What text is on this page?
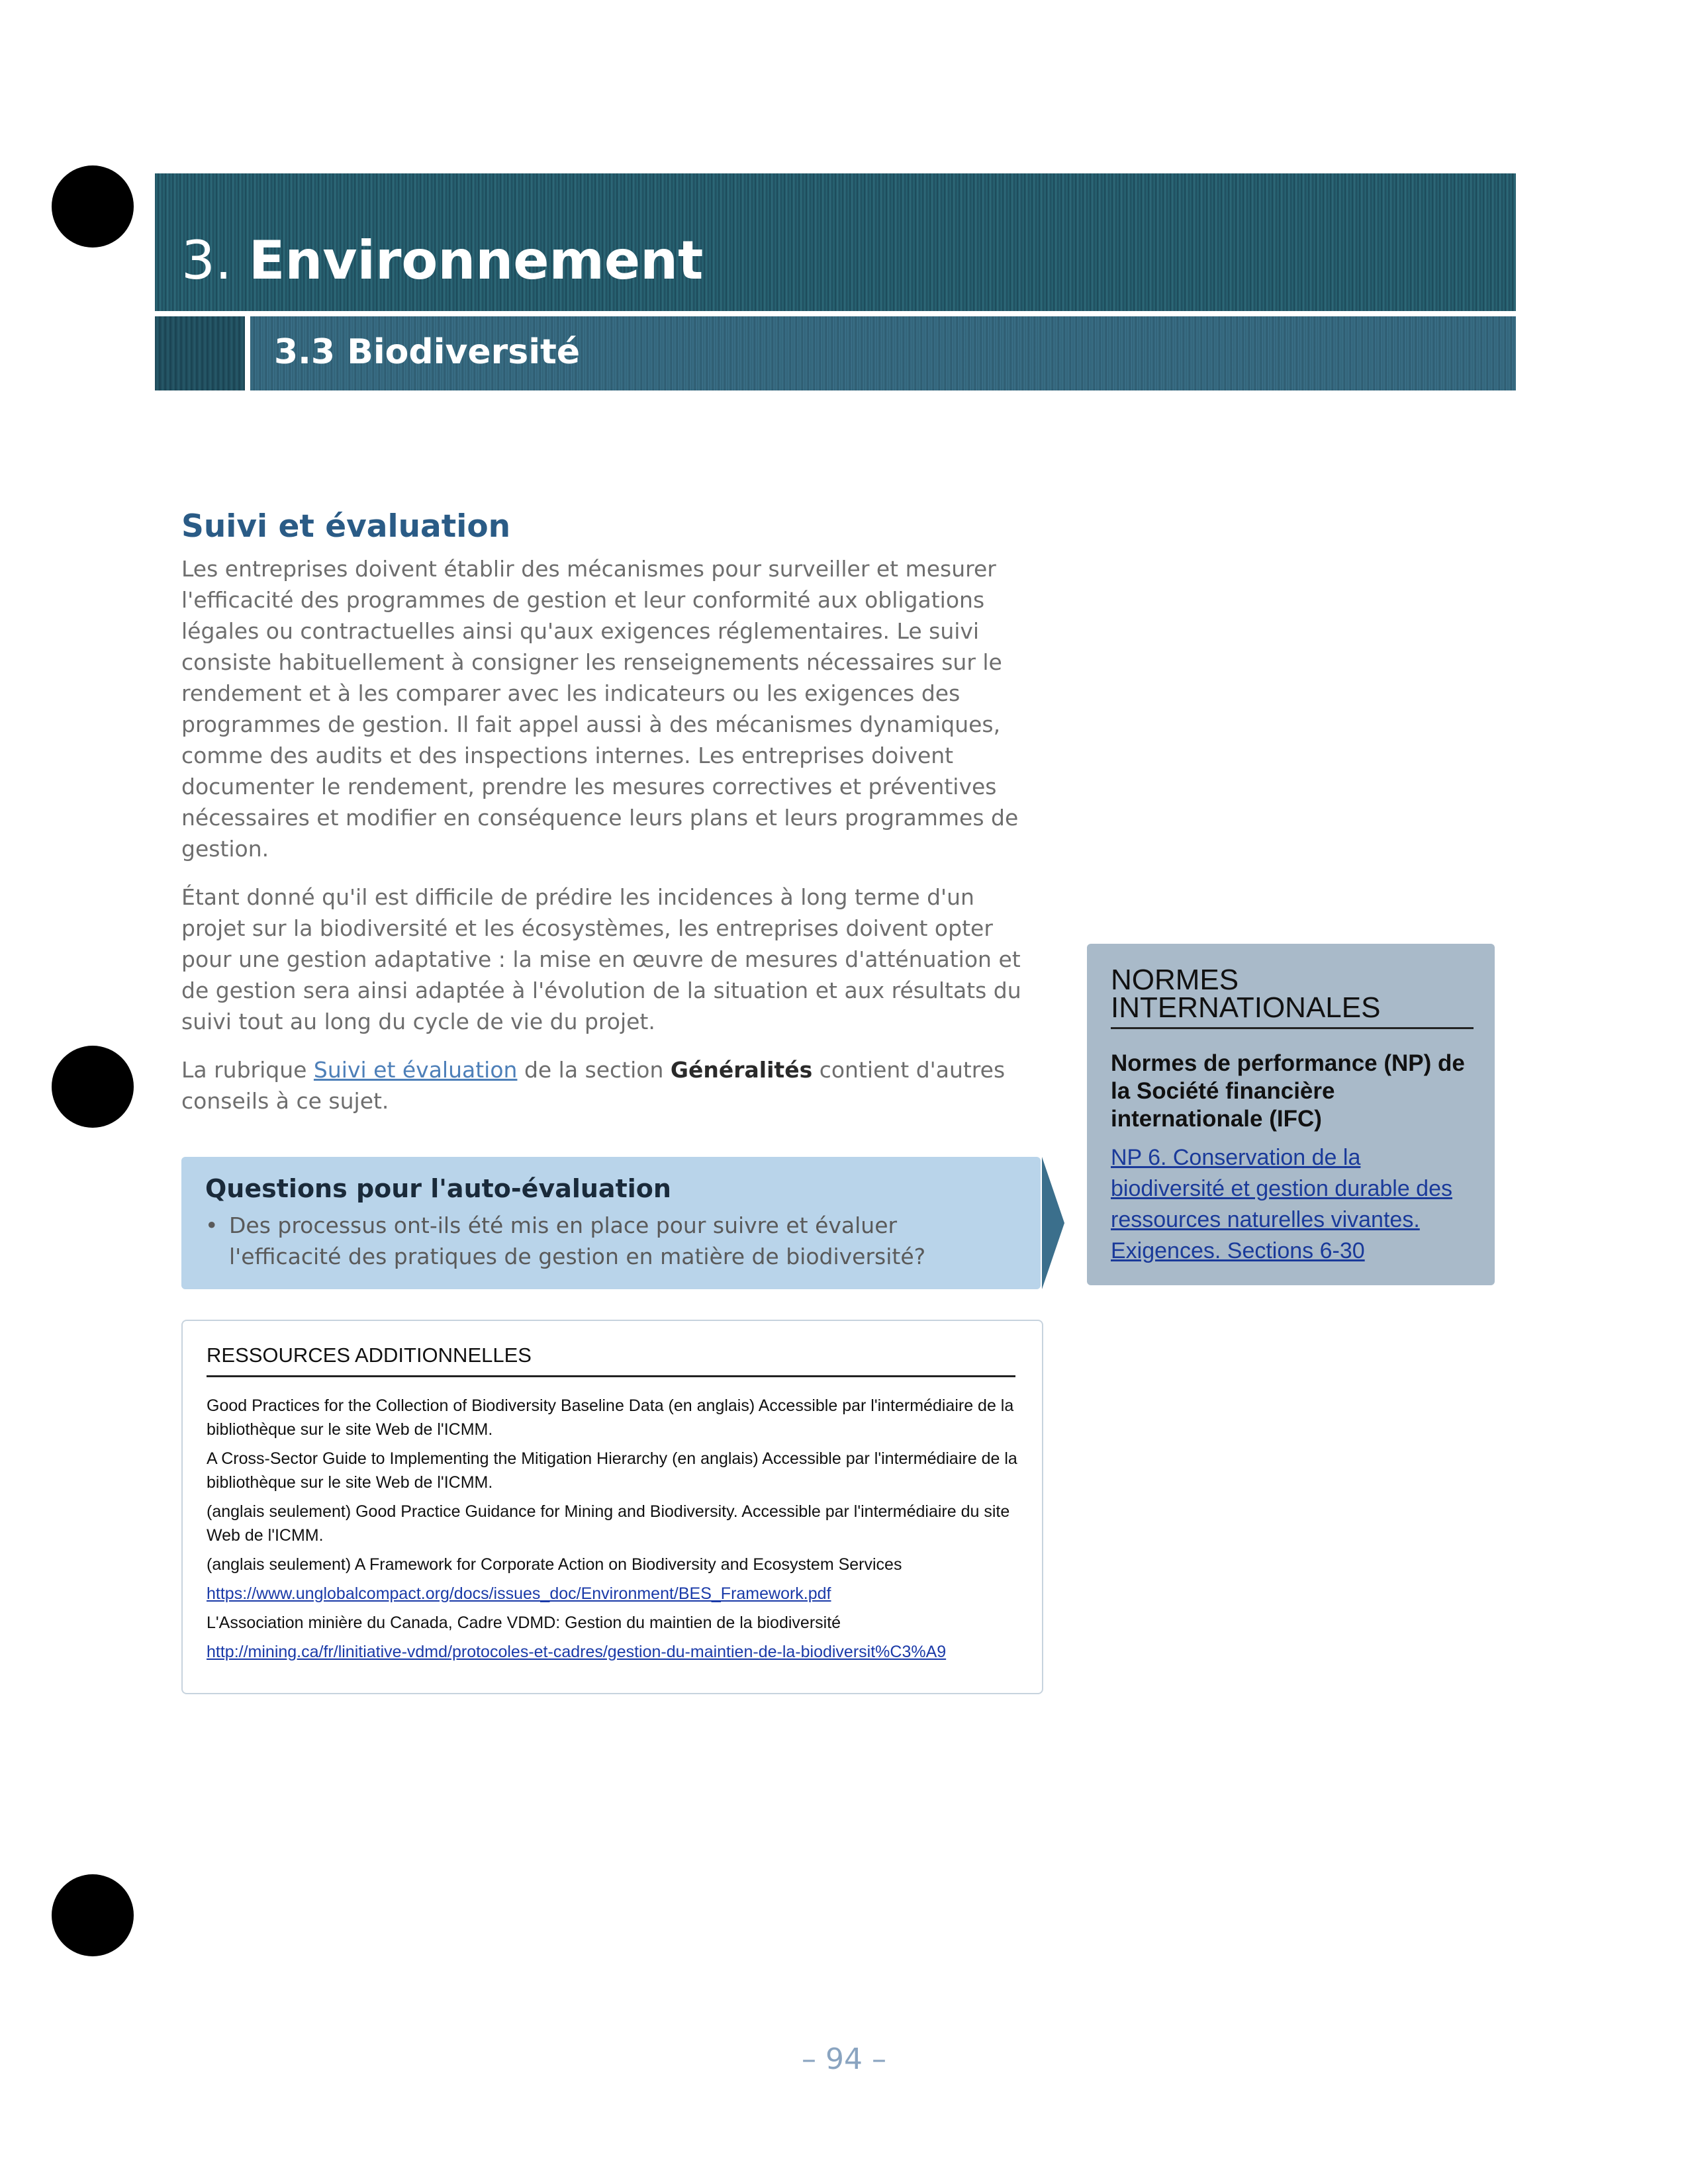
3. Environnement
3.3 Biodiversité
Suivi et évaluation

Les entreprises doivent établir des mécanismes pour surveiller et mesurer l'efficacité des programmes de gestion et leur conformité aux obligations légales ou contractuelles ainsi qu'aux exigences réglementaires. Le suivi consiste habituellement à consigner les renseignements nécessaires sur le rendement et à les comparer avec les indicateurs ou les exigences des programmes de gestion. Il fait appel aussi à des mécanismes dynamiques, comme des audits et des inspections internes. Les entreprises doivent documenter le rendement, prendre les mesures correctives et préventives nécessaires et modifier en conséquence leurs plans et leurs programmes de gestion.

Étant donné qu'il est difficile de prédire les incidences à long terme d'un projet sur la biodiversité et les écosystèmes, les entreprises doivent opter pour une gestion adaptative : la mise en œuvre de mesures d'atténuation et de gestion sera ainsi adaptée à l'évolution de la situation et aux résultats du suivi tout au long du cycle de vie du projet.

La rubrique Suivi et évaluation de la section Généralités contient d'autres conseils à ce sujet.

Questions pour l'auto-évaluation
• Des processus ont-ils été mis en place pour suivre et évaluer l'efficacité des pratiques de gestion en matière de biodiversité?
RESSOURCES ADDITIONNELLES
Good Practices for the Collection of Biodiversity Baseline Data (en anglais) Accessible par l'intermédiaire de la bibliothèque sur le site Web de l'ICMM.
A Cross-Sector Guide to Implementing the Mitigation Hierarchy (en anglais) Accessible par l'intermédiaire de la bibliothèque sur le site Web de l'ICMM.
(anglais seulement) Good Practice Guidance for Mining and Biodiversity. Accessible par l'intermédiaire du site Web de l'ICMM.
(anglais seulement) A Framework for Corporate Action on Biodiversity and Ecosystem Services
https://www.unglobalcompact.org/docs/issues_doc/Environment/BES_Framework.pdf
L'Association minière du Canada, Cadre VDMD: Gestion du maintien de la biodiversité
http://mining.ca/fr/linitiative-vdmd/protocoles-et-cadres/gestion-du-maintien-de-la-biodiversit%C3%A9
NORMES INTERNATIONALES
Normes de performance (NP) de la Société financière internationale (IFC)
NP 6. Conservation de la biodiversité et gestion durable des ressources naturelles vivantes. Exigences. Sections 6-30
– 94 –
